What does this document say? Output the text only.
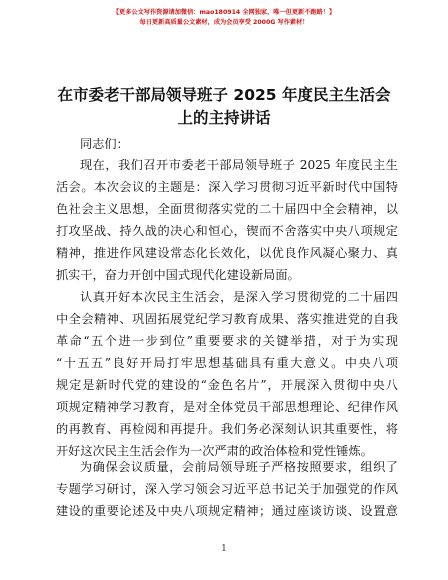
【更多公文写作资源请加微信：mao180914 全网独家，唯一但更新不跑路！】
每日更新高质量公文素材，成为会员享受 2000G 写作素材！
在市委老干部局领导班子 2025 年度民主生活会
上的主持讲话
同志们：
现在，我们召开市委老干部局领导班子 2025 年度民主生
活会。本次会议的主题是：深入学习贯彻习近平新时代中国特
色社会主义思想，全面贯彻落实党的二十届四中全会精神，以
打攻坚战、持久战的决心和恒心，锲而不舍落实中央八项规定
精神，推进作风建设常态化长效化，以优良作风凝心聚力、真
抓实干，奋力开创中国式现代化建设新局面。
认真开好本次民主生活会，是深入学习贯彻党的二十届四
中全会精神、巩固拓展党纪学习教育成果、落实推进党的自我
革命“五个进一步到位”重要要求的关键举措，对于为实现
“十五五”良好开局打牢思想基础具有重大意义。中央八项
规定是新时代党的建设的“金色名片”，开展深入贯彻中央八
项规定精神学习教育，是对全体党员干部思想理论、纪律作风
的再教育、再检阅和再提升。我们务必深刻认识其重要性，将
开好这次民主生活会作为一次严肃的政治体检和党性锤炼。
为确保会议质量，会前局领导班子严格按照要求，组织了
专题学习研讨，深入学习领会习近平总书记关于加强党的作风
建设的重要论述及中央八项规定精神；通过座谈访谈、设置意
1
